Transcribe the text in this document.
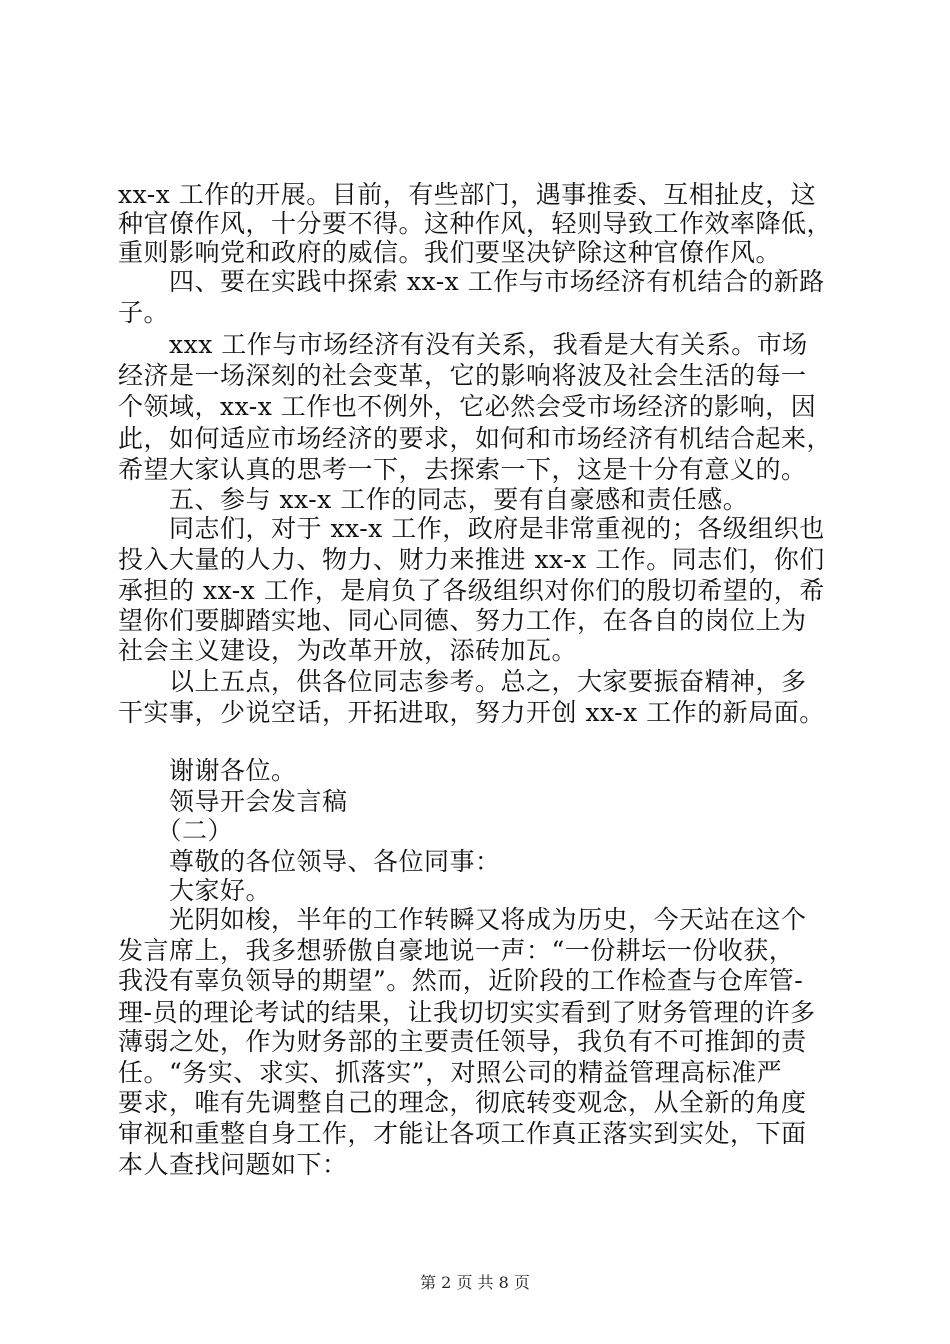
xx-x 工作的开展。目前，有些部门，遇事推委、互相扯皮，这
种官僚作风，十分要不得。这种作风，轻则导致工作效率降低，
重则影响党和政府的威信。我们要坚决铲除这种官僚作风。
　　四、要在实践中探索 xx-x 工作与市场经济有机结合的新路
子。
　　xxx 工作与市场经济有没有关系，我看是大有关系。市场
经济是一场深刻的社会变革，它的影响将波及社会生活的每一
个领域，xx-x 工作也不例外，它必然会受市场经济的影响，因
此，如何适应市场经济的要求，如何和市场经济有机结合起来，
希望大家认真的思考一下，去探索一下，这是十分有意义的。
　　五、参与 xx-x 工作的同志，要有自豪感和责任感。
　　同志们，对于 xx-x 工作，政府是非常重视的；各级组织也
投入大量的人力、物力、财力来推进 xx-x 工作。同志们，你们
承担的 xx-x 工作，是肩负了各级组织对你们的殷切希望的，希
望你们要脚踏实地、同心同德、努力工作，在各自的岗位上为
社会主义建设，为改革开放，添砖加瓦。
　　以上五点，供各位同志参考。总之，大家要振奋精神，多
干实事，少说空话，开拓进取，努力开创 xx-x 工作的新局面。
　　谢谢各位。
　　领导开会发言稿
　　（二）
　　尊敬的各位领导、各位同事：
　　大家好。
　　光阴如梭，半年的工作转瞬又将成为历史，今天站在这个
发言席上，我多想骄傲自豪地说一声：“一份耕坛一份收获，
我没有辜负领导的期望”。然而，近阶段的工作检查与仓库管-
理-员的理论考试的结果，让我切切实实看到了财务管理的许多
薄弱之处，作为财务部的主要责任领导，我负有不可推卸的责
任。“务实、求实、抓落实”，对照公司的精益管理高标准严
要求，唯有先调整自己的理念，彻底转变观念，从全新的角度
审视和重整自身工作，才能让各项工作真正落实到实处，下面
本人查找问题如下：
第 2 页 共 8 页
